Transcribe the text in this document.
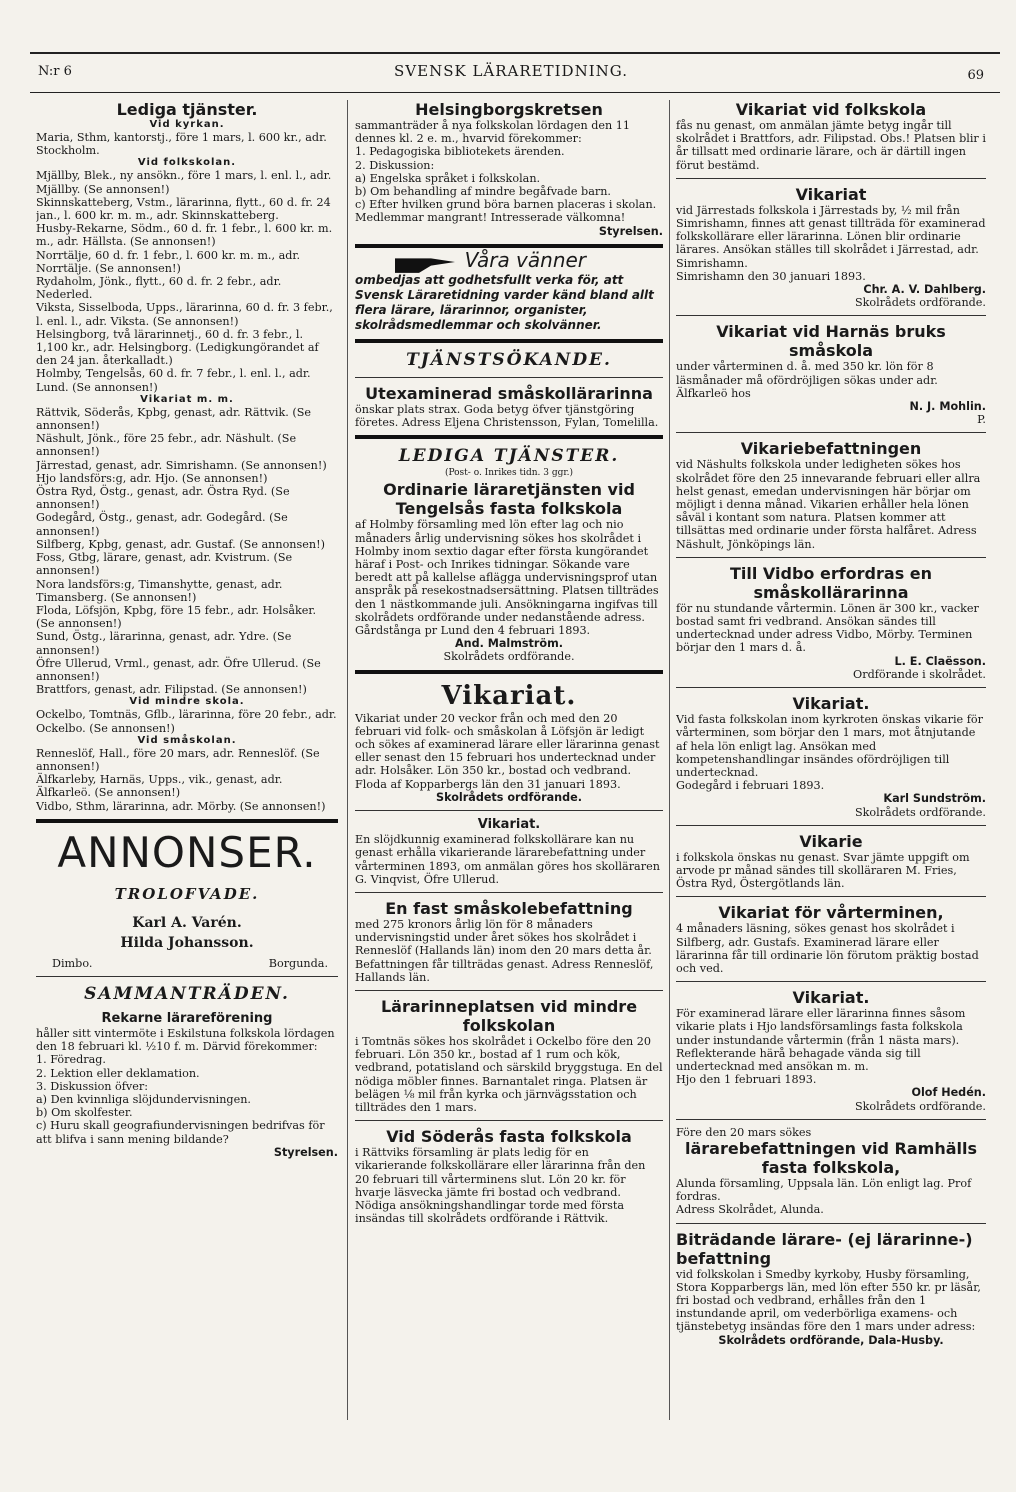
N:r 6	SVENSK LÄRARETIDNING.	69
Lediga tjänster.
Vid kyrkan.

Maria, Sthm, kantorstj., före 1 mars, l. 600 kr., adr. Stockholm.

Vid folkskolan.

Mjällby, Blek., ny ansökn., före 1 mars, l. enl. l., adr. Mjällby. (Se annonsen!)

Skinnskatteberg, Vstm., lärarinna, flytt., 60 d. fr. 24 jan., l. 600 kr. m. m., adr. Skinnskatteberg.

Husby-Rekarne, Södm., 60 d. fr. 1 febr., l. 600 kr. m. m., adr. Hällsta. (Se annonsen!)

Norrtälje, 60 d. fr. 1 febr., l. 600 kr. m. m., adr. Norrtälje. (Se annonsen!)

Rydaholm, Jönk., flytt., 60 d. fr. 2 febr., adr. Nederled.

Viksta, Sisselboda, Upps., lärarinna, 60 d. fr. 3 febr., l. enl. l., adr. Viksta. (Se annonsen!)

Helsingborg, två lärarinnetj., 60 d. fr. 3 febr., l. 1,100 kr., adr. Helsingborg. (Ledigkungörandet af den 24 jan. återkalladt.)

Holmby, Tengelsås, 60 d. fr. 7 febr., l. enl. l., adr. Lund. (Se annonsen!)

Vikariat m. m.

Rättvik, Söderås, Kpbg, genast, adr. Rättvik. (Se annonsen!)

Näshult, Jönk., före 25 febr., adr. Näshult. (Se annonsen!)

Järrestad, genast, adr. Simrishamn. (Se annonsen!)

Hjo landsförs:g, adr. Hjo. (Se annonsen!)

Östra Ryd, Östg., genast, adr. Östra Ryd. (Se annonsen!)

Godegård, Östg., genast, adr. Godegård. (Se annonsen!)

Silfberg, Kpbg, genast, adr. Gustaf. (Se annonsen!)

Foss, Gtbg, lärare, genast, adr. Kvistrum. (Se annonsen!)

Nora landsförs:g, Timanshytte, genast, adr. Timansberg. (Se annonsen!)

Floda, Löfsjön, Kpbg, före 15 febr., adr. Holsåker. (Se annonsen!)

Sund, Östg., lärarinna, genast, adr. Ydre. (Se annonsen!)

Öfre Ullerud, Vrml., genast, adr. Öfre Ullerud. (Se annonsen!)

Brattfors, genast, adr. Filipstad. (Se annonsen!)

Vid mindre skola.

Ockelbo, Tomtnäs, Gflb., lärarinna, före 20 febr., adr. Ockelbo. (Se annonsen!)

Vid småskolan.

Renneslöf, Hall., före 20 mars, adr. Renneslöf. (Se annonsen!)

Älfkarleby, Harnäs, Upps., vik., genast, adr. Älfkarleö. (Se annonsen!)

Vidbo, Sthm, lärarinna, adr. Mörby. (Se annonsen!)

ANNONSER.
TROLOFVADE.
Karl A. Varén.
Hilda Johansson.
Dimbo.	Borgunda.
SAMMANTRÄDEN.
Rekarne lärareförening

håller sitt vintermöte i Eskilstuna folkskola lördagen den 18 februari kl. ½10 f. m. Därvid förekommer:

1. Föredrag.

2. Lektion eller deklamation.

3. Diskussion öfver:

a) Den kvinnliga slöjdundervisningen.

b) Om skolfester.

c) Huru skall geografiundervisningen bedrifvas för att blifva i sann mening bildande?

Styrelsen.

Helsingborgskretsen

sammanträder å nya folkskolan lördagen den 11 dennes kl. 2 e. m., hvarvid förekommer:

1. Pedagogiska bibliotekets ärenden.

2. Diskussion:

a) Engelska språket i folkskolan.

b) Om behandling af mindre begåfvade barn.

c) Efter hvilken grund böra barnen placeras i skolan.

Medlemmar mangrant! Intresserade välkomna!

Styrelsen.

Våra vänner

ombedjas att godhetsfullt verka för, att Svensk Läraretidning varder känd bland allt flera lärare, lärarinnor, organister, skolrådsmedlemmar och skolvänner.

TJÄNSTSÖKANDE.
Utexaminerad småskollärarinna

önskar plats strax. Goda betyg öfver tjänstgöring företes. Adress Eljena Christensson, Fylan, Tomelilla.

LEDIGA TJÄNSTER.

(Post- o. Inrikes tidn. 3 ggr.)

Ordinarie läraretjänsten vid Tengelsås fasta folkskola

af Holmby församling med lön efter lag och nio månaders årlig undervisning sökes hos skolrådet i Holmby inom sextio dagar efter första kungörandet häraf i Post- och Inrikes tidningar. Sökande vare beredt att på kallelse aflägga undervisningsprof utan anspråk på resekostnadsersättning. Platsen tillträdes den 1 nästkommande juli. Ansökningarna ingifvas till skolrådets ordförande under nedanstående adress.

Gårdstånga pr Lund den 4 februari 1893.

And. Malmström.

Skolrådets ordförande.

Vikariat.

Vikariat under 20 veckor från och med den 20 februari vid folk- och småskolan å Löfsjön är ledigt och sökes af examinerad lärare eller lärarinna genast eller senast den 15 februari hos undertecknad under adr. Holsåker. Lön 350 kr., bostad och vedbrand.

Floda af Kopparbergs län den 31 januari 1893.

Skolrådets ordförande.

Vikariat.

En slöjdkunnig examinerad folkskollärare kan nu genast erhålla vikarierande lärarebefattning under vårterminen 1893, om anmälan göres hos skolläraren G. Vinqvist, Öfre Ullerud.

En fast småskolebefattning

med 275 kronors årlig lön för 8 månaders undervisningstid under året sökes hos skolrådet i Renneslöf (Hallands län) inom den 20 mars detta år. Befattningen får tillträdas genast. Adress Renneslöf, Hallands län.

Lärarinneplatsen vid mindre folkskolan

i Tomtnäs sökes hos skolrådet i Ockelbo före den 20 februari. Lön 350 kr., bostad af 1 rum och kök, vedbrand, potatisland och särskild bryggstuga. En del nödiga möbler finnes. Barnantalet ringa. Platsen är belägen ⅛ mil från kyrka och järnvägsstation och tillträdes den 1 mars.

Vid Söderås fasta folkskola

i Rättviks församling är plats ledig för en vikarierande folkskollärare eller lärarinna från den 20 februari till vårterminens slut. Lön 20 kr. för hvarje läsvecka jämte fri bostad och vedbrand. Nödiga ansökningshandlingar torde med första insändas till skolrådets ordförande i Rättvik.

Vikariat vid folkskola

fås nu genast, om anmälan jämte betyg ingår till skolrådet i Brattfors, adr. Filipstad. Obs.! Platsen blir i år tillsatt med ordinarie lärare, och är därtill ingen förut bestämd.

Vikariat

vid Järrestads folkskola i Järrestads by, ½ mil från Simrishamn, finnes att genast tillträda för examinerad folkskollärare eller lärarinna. Lönen blir ordinarie lärares. Ansökan ställes till skolrådet i Järrestad, adr. Simrishamn.

Simrishamn den 30 januari 1893.

Chr. A. V. Dahlberg.

Skolrådets ordförande.

Vikariat vid Harnäs bruks småskola

under vårterminen d. å. med 350 kr. lön för 8 läsmånader må ofördröjligen sökas under adr. Älfkarleö hos

N. J. Mohlin.

P.

Vikariebefattningen

vid Näshults folkskola under ledigheten sökes hos skolrådet före den 25 innevarande februari eller allra helst genast, emedan undervisningen här börjar om möjligt i denna månad. Vikarien erhåller hela lönen såväl i kontant som natura. Platsen kommer att tillsättas med ordinarie under första halfåret. Adress Näshult, Jönköpings län.

Till Vidbo erfordras en småskollärarinna

för nu stundande vårtermin. Lönen är 300 kr., vacker bostad samt fri vedbrand. Ansökan sändes till undertecknad under adress Vidbo, Mörby. Terminen börjar den 1 mars d. å.

L. E. Claësson.

Ordförande i skolrådet.

Vikariat.

Vid fasta folkskolan inom kyrkroten önskas vikarie för vårterminen, som börjar den 1 mars, mot åtnjutande af hela lön enligt lag. Ansökan med kompetenshandlingar insändes ofördröjligen till undertecknad.

Godegård i februari 1893.

Karl Sundström.

Skolrådets ordförande.

Vikarie

i folkskola önskas nu genast. Svar jämte uppgift om arvode pr månad sändes till skolläraren M. Fries, Östra Ryd, Östergötlands län.

Vikariat för vårterminen,

4 månaders läsning, sökes genast hos skolrådet i Silfberg, adr. Gustafs. Examinerad lärare eller lärarinna får till ordinarie lön förutom präktig bostad och ved.

Vikariat.

För examinerad lärare eller lärarinna finnes såsom vikarie plats i Hjo landsförsamlings fasta folkskola under instundande vårtermin (från 1 nästa mars). Reflekterande härå behagade vända sig till undertecknad med ansökan m. m.

Hjo den 1 februari 1893.

Olof Hedén.

Skolrådets ordförande.

Före den 20 mars sökes

lärarebefattningen vid Ramhälls fasta folkskola,

Alunda församling, Uppsala län. Lön enligt lag. Prof fordras.

Adress Skolrådet, Alunda.

Biträdande lärare- (ej lärarinne-) befattning

vid folkskolan i Smedby kyrkoby, Husby församling, Stora Kopparbergs län, med lön efter 550 kr. pr läsår, fri bostad och vedbrand, erhålles från den 1 instundande april, om vederbörliga examens- och tjänstebetyg insändas före den 1 mars under adress:

Skolrådets ordförande, Dala-Husby.
